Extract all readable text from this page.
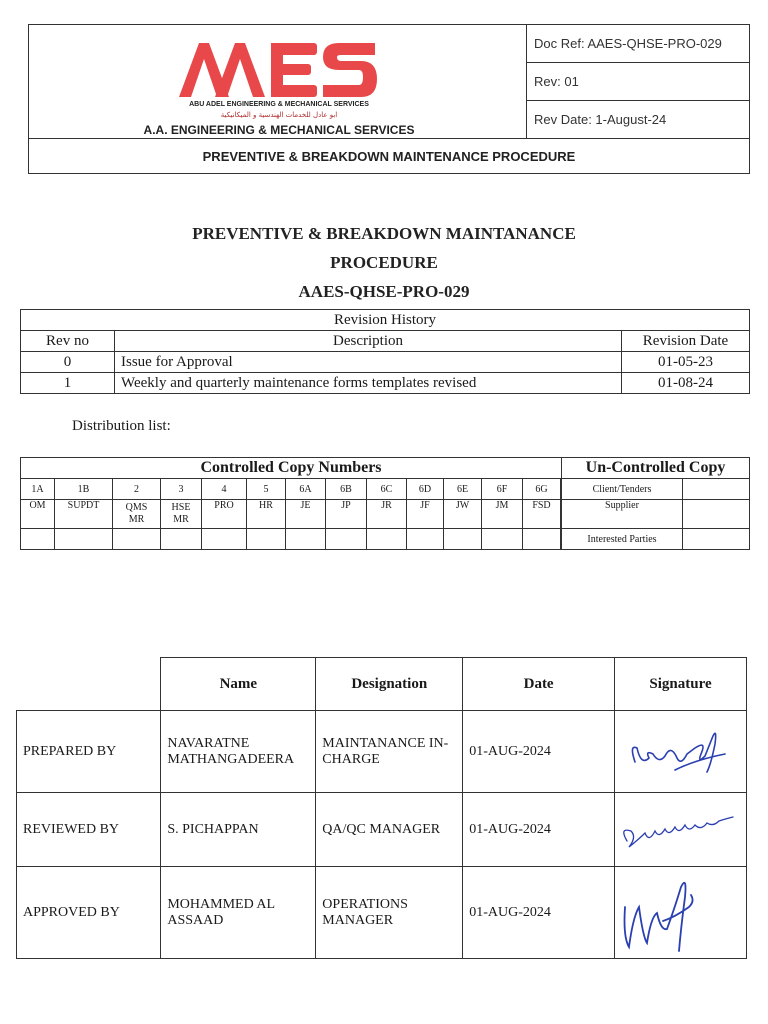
ABU ADEL ENGINEERING & MECHANICAL SERVICES
ابو عادل للخدمات الهندسية و الميكانيكية
A.A. ENGINEERING & MECHANICAL SERVICES
Doc Ref: AAES-QHSE-PRO-029
Rev: 01
Rev Date: 1-August-24
PREVENTIVE & BREAKDOWN MAINTENANCE PROCEDURE
PREVENTIVE & BREAKDOWN MAINTANANCE
PROCEDURE
AAES-QHSE-PRO-029
Revision History		
Rev no	Description	Revision Date
0	Issue for Approval	01-05-23
1	Weekly and quarterly maintenance forms templates revised	01-08-24
Distribution list:
Controlled Copy Numbers													Un-Controlled Copy	
1A	1B	2	3	4	5	6A	6B	6C	6D	6E	6F	6G		Client/Tenders	
OM	SUPDT	QMS MR	HSE MR	PRO	HR	JE	JP	JR	JF	JW	JM	FSD		Supplier	
														Interested Parties	
	Name	Designation	Date	Signature
PREPARED BY	NAVARATNE MATHANGADEERA	MAINTANANCE IN-CHARGE	01-AUG-2024	
REVIEWED BY	S. PICHAPPAN	QA/QC MANAGER	01-AUG-2024	
APPROVED BY	MOHAMMED AL ASSAAD	OPERATIONS MANAGER	01-AUG-2024	
